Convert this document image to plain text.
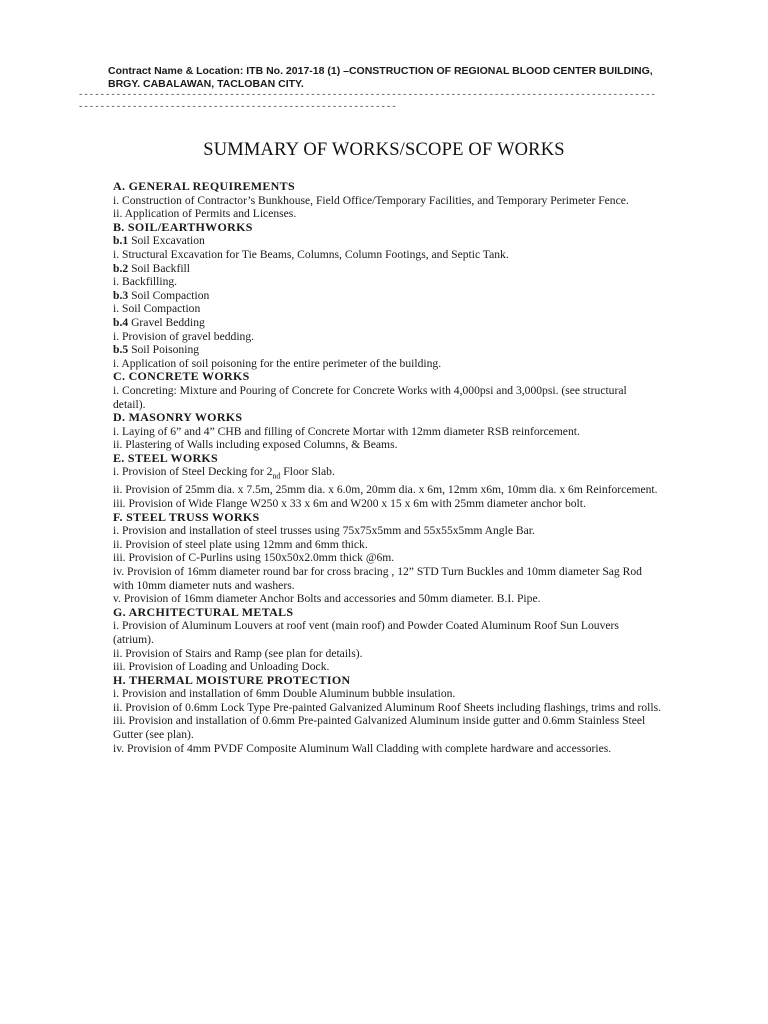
Contract Name & Location: ITB No. 2017-18 (1) –CONSTRUCTION OF REGIONAL BLOOD CENTER BUILDING, BRGY. CABALAWAN, TACLOBAN CITY.
----------------------------------------------------------------------------------------------------------------------------------------------------------------------
SUMMARY OF WORKS/SCOPE OF WORKS

A. GENERAL REQUIREMENTS

i. Construction of Contractor’s Bunkhouse, Field Office/Temporary Facilities, and Temporary Perimeter Fence.

ii. Application of Permits and Licenses.

B. SOIL/EARTHWORKS

b.1 Soil Excavation

i. Structural Excavation for Tie Beams, Columns, Column Footings, and Septic Tank.

b.2 Soil Backfill

i. Backfilling.

b.3 Soil Compaction

i. Soil Compaction

b.4 Gravel Bedding

i. Provision of gravel bedding.

b.5 Soil Poisoning

i. Application of soil poisoning for the entire perimeter of the building.

C. CONCRETE WORKS

i. Concreting: Mixture and Pouring of Concrete for Concrete Works with 4,000psi and 3,000psi. (see structural detail).

D. MASONRY WORKS

i. Laying of 6” and 4” CHB and filling of Concrete Mortar with 12mm diameter RSB reinforcement.

ii. Plastering of Walls including exposed Columns, & Beams.

E. STEEL WORKS

i. Provision of Steel Decking for $2_{nd}$ Floor Slab.

ii. Provision of 25mm dia. x 7.5m, 25mm dia. x 6.0m, 20mm dia. x 6m, 12mm x6m, 10mm dia. x 6m Reinforcement.

iii. Provision of Wide Flange W250 x 33 x 6m and W200 x 15 x 6m with 25mm diameter anchor bolt.

F. STEEL TRUSS WORKS

i. Provision and installation of steel trusses using 75x75x5mm and 55x55x5mm Angle Bar.

ii. Provision of steel plate using 12mm and 6mm thick.

iii. Provision of C-Purlins using 150x50x2.0mm thick @6m.

iv. Provision of 16mm diameter round bar for cross bracing , 12” STD Turn Buckles and 10mm diameter Sag Rod with 10mm diameter nuts and washers.

v. Provision of 16mm diameter Anchor Bolts and accessories and 50mm diameter. B.I. Pipe.

G. ARCHITECTURAL METALS

i. Provision of Aluminum Louvers at roof vent (main roof) and Powder Coated Aluminum Roof Sun Louvers (atrium).

ii. Provision of Stairs and Ramp (see plan for details).

iii. Provision of Loading and Unloading Dock.

H. THERMAL MOISTURE PROTECTION

i. Provision and installation of 6mm Double Aluminum bubble insulation.

ii. Provision of 0.6mm Lock Type Pre-painted Galvanized Aluminum Roof Sheets including flashings, trims and rolls.

iii. Provision and installation of 0.6mm Pre-painted Galvanized Aluminum inside gutter and 0.6mm Stainless Steel Gutter (see plan).

iv. Provision of 4mm PVDF Composite Aluminum Wall Cladding with complete hardware and accessories.
